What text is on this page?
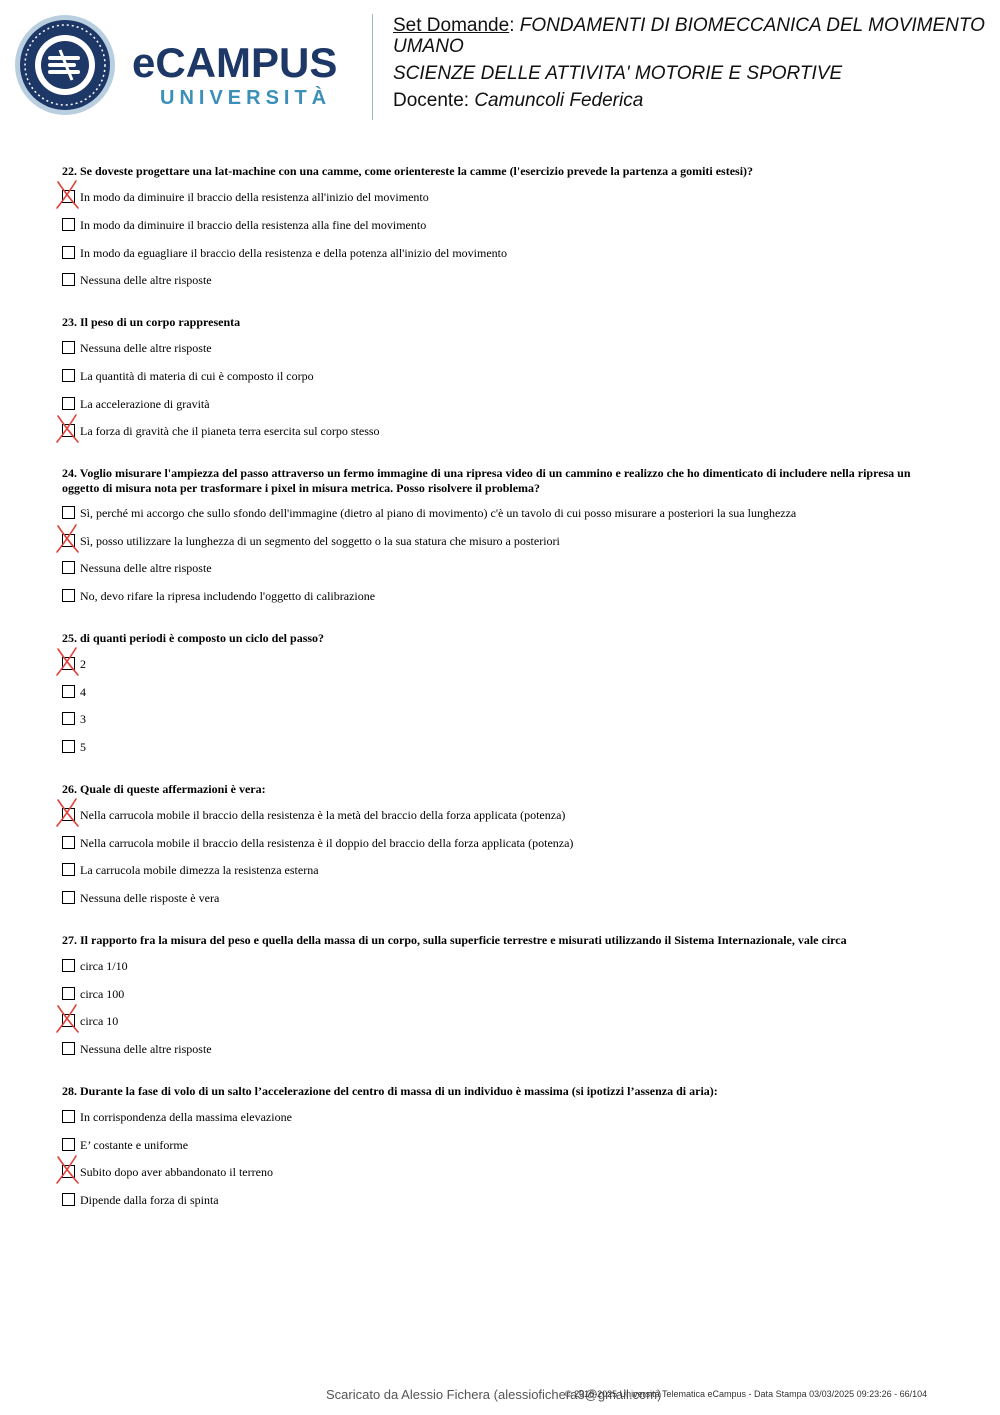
eCAMPUS
UNIVERSITÀ
Set Domande: FONDAMENTI DI BIOMECCANICA DEL MOVIMENTO UMANO
SCIENZE DELLE ATTIVITA' MOTORIE E SPORTIVE
Docente: Camuncoli Federica
22. Se doveste progettare una lat-machine con una camme, come orientereste la camme (l'esercizio prevede la partenza a gomiti estesi)?
In modo da diminuire il braccio della resistenza all'inizio del movimento
In modo da diminuire il braccio della resistenza alla fine del movimento
In modo da eguagliare il braccio della resistenza e della potenza all'inizio del movimento
Nessuna delle altre risposte
23. Il peso di un corpo rappresenta
Nessuna delle altre risposte
La quantità di materia di cui è composto il corpo
La accelerazione di gravità
La forza di gravità che il pianeta terra esercita sul corpo stesso
24. Voglio misurare l'ampiezza del passo attraverso un fermo immagine di una ripresa video di un cammino e realizzo che ho dimenticato di includere nella ripresa un oggetto di misura nota per trasformare i pixel in misura metrica. Posso risolvere il problema?
Sì, perché mi accorgo che sullo sfondo dell'immagine (dietro al piano di movimento) c'è un tavolo di cui posso misurare a posteriori la sua lunghezza
Sì, posso utilizzare la lunghezza di un segmento del soggetto o la sua statura che misuro a posteriori
Nessuna delle altre risposte
No, devo rifare la ripresa includendo l'oggetto di calibrazione
25. di quanti periodi è composto un ciclo del passo?
2
4
3
5
26. Quale di queste affermazioni è vera:
Nella carrucola mobile il braccio della resistenza è la metà del braccio della forza applicata (potenza)
Nella carrucola mobile il braccio della resistenza è il doppio del braccio della forza applicata (potenza)
La carrucola mobile dimezza la resistenza esterna
Nessuna delle risposte è vera
27. Il rapporto fra la misura del peso e quella della massa di un corpo, sulla superficie terrestre e misurati utilizzando il Sistema Internazionale, vale circa
circa 1/10
circa 100
circa 10
Nessuna delle altre risposte
28. Durante la fase di volo di un salto l’accelerazione del centro di massa di un individuo è massima (si ipotizzi l’assenza di aria):
In corrispondenza della massima elevazione
E’ costante e uniforme
Subito dopo aver abbandonato il terreno
Dipende dalla forza di spinta
Scaricato da Alessio Fichera (alessiofichera3@gmail.com)
© 2016-2025 Università Telematica eCampus - Data Stampa 03/03/2025 09:23:26 - 66/104
